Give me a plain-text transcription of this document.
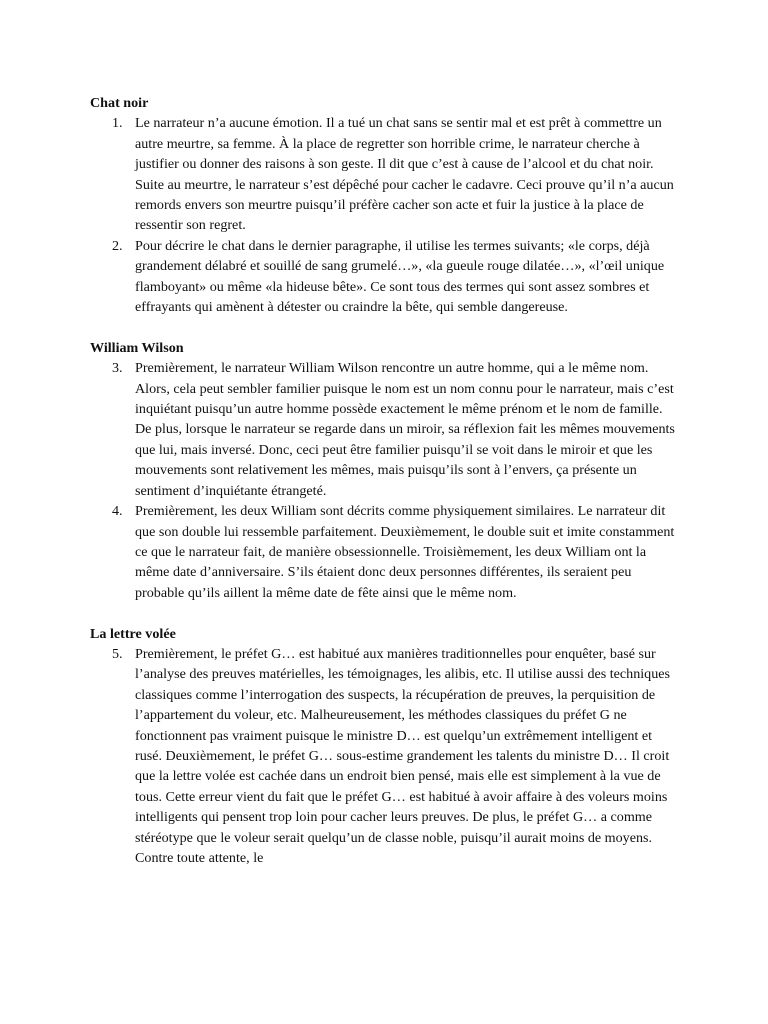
Chat noir

1. Le narrateur n’a aucune émotion. Il a tué un chat sans se sentir mal et est prêt à commettre un autre meurtre, sa femme. À la place de regretter son horrible crime, le narrateur cherche à justifier ou donner des raisons à son geste. Il dit que c’est à cause de l’alcool et du chat noir. Suite au meurtre, le narrateur s’est dépêché pour cacher le cadavre. Ceci prouve qu’il n’a aucun remords envers son meurtre puisqu’il préfère cacher son acte et fuir la justice à la place de ressentir son regret.
2. Pour décrire le chat dans le dernier paragraphe, il utilise les termes suivants; «le corps, déjà grandement délabré et souillé de sang grumelé…», «la gueule rouge dilatée…», «l’œil unique flamboyant» ou même «la hideuse bête». Ce sont tous des termes qui sont assez sombres et effrayants qui amènent à détester ou craindre la bête, qui semble dangereuse.

William Wilson

3. Premièrement, le narrateur William Wilson rencontre un autre homme, qui a le même nom. Alors, cela peut sembler familier puisque le nom est un nom connu pour le narrateur, mais c’est inquiétant puisqu’un autre homme possède exactement le même prénom et le nom de famille. De plus, lorsque le narrateur se regarde dans un miroir, sa réflexion fait les mêmes mouvements que lui, mais inversé. Donc, ceci peut être familier puisqu’il se voit dans le miroir et que les mouvements sont relativement les mêmes, mais puisqu’ils sont à l’envers, ça présente un sentiment d’inquiétante étrangeté.
4. Premièrement, les deux William sont décrits comme physiquement similaires. Le narrateur dit que son double lui ressemble parfaitement. Deuxièmement, le double suit et imite constamment ce que le narrateur fait, de manière obsessionnelle. Troisièmement, les deux William ont la même date d’anniversaire. S’ils étaient donc deux personnes différentes, ils seraient peu probable qu’ils aillent la même date de fête ainsi que le même nom.

La lettre volée

5. Premièrement, le préfet G… est habitué aux manières traditionnelles pour enquêter, basé sur l’analyse des preuves matérielles, les témoignages, les alibis, etc. Il utilise aussi des techniques classiques comme l’interrogation des suspects, la récupération de preuves, la perquisition de l’appartement du voleur, etc. Malheureusement, les méthodes classiques du préfet G ne fonctionnent pas vraiment puisque le ministre D… est quelqu’un extrêmement intelligent et rusé. Deuxièmement, le préfet G… sous-estime grandement les talents du ministre D… Il croit que la lettre volée est cachée dans un endroit bien pensé, mais elle est simplement à la vue de tous. Cette erreur vient du fait que le préfet G… est habitué à avoir affaire à des voleurs moins intelligents qui pensent trop loin pour cacher leurs preuves. De plus, le préfet G… a comme stéréotype que le voleur serait quelqu’un de classe noble, puisqu’il aurait moins de moyens. Contre toute attente, le
